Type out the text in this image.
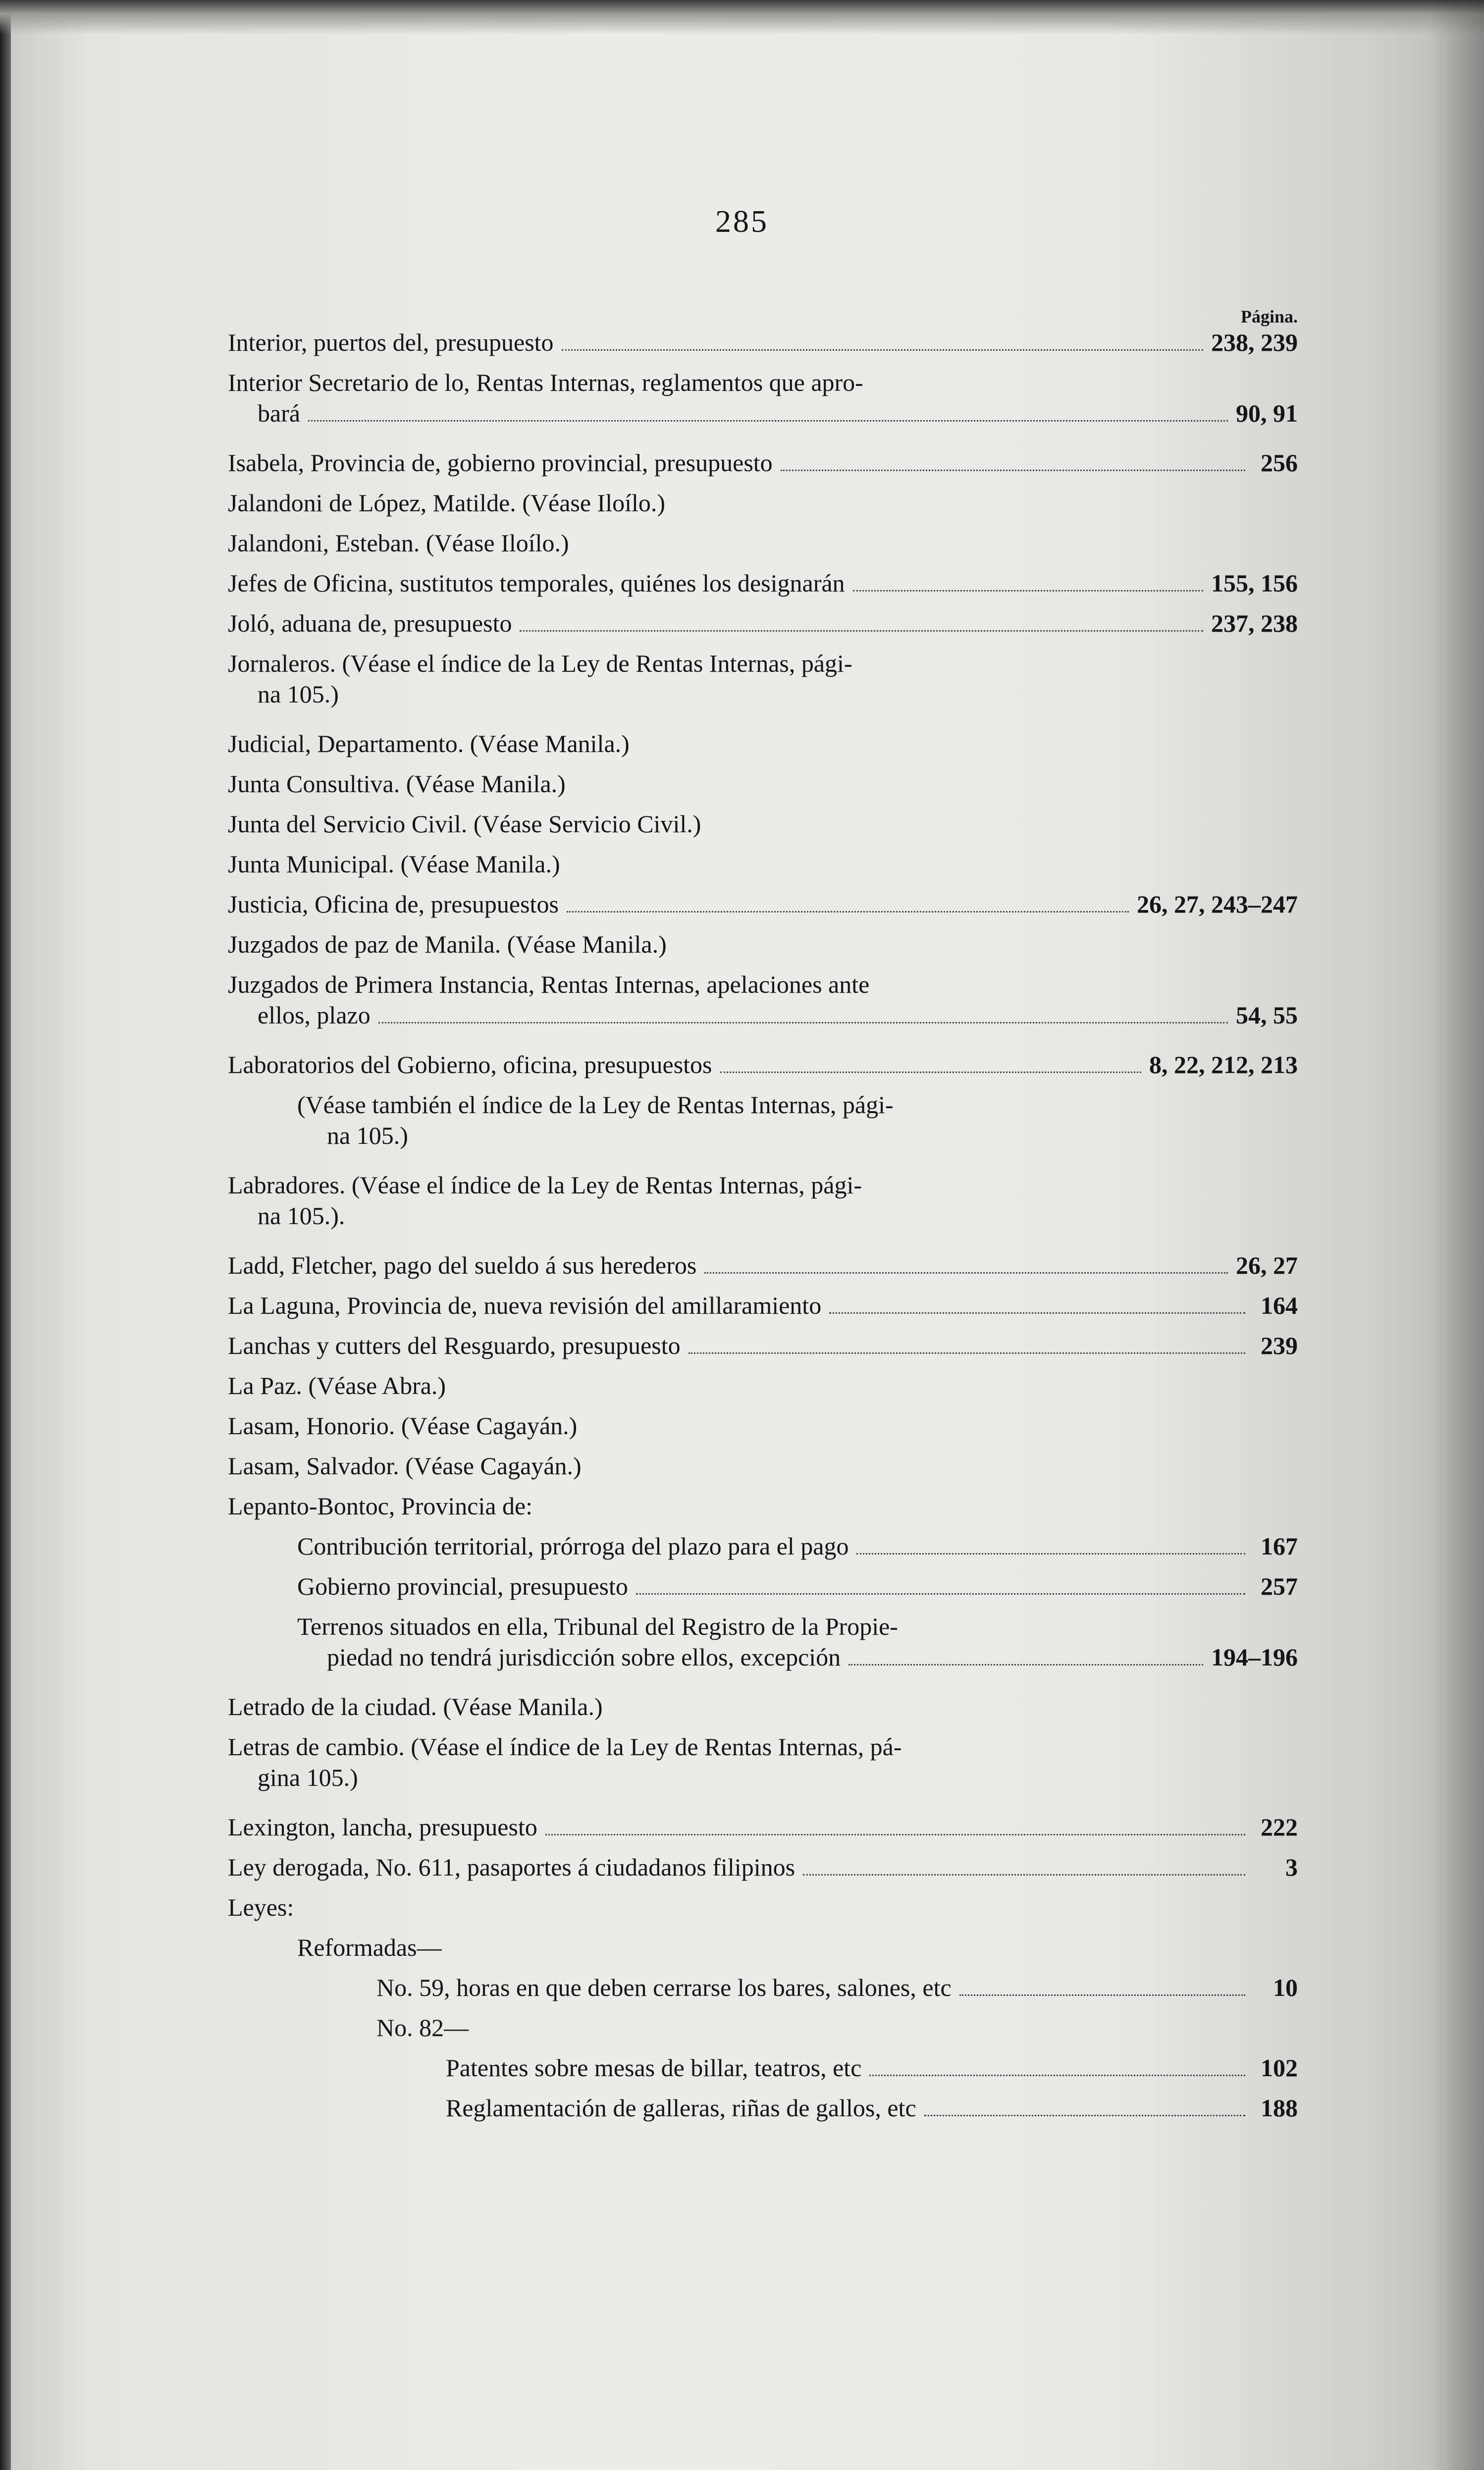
285
Página.
Interior, puertos del, presupuesto	238, 239
Interior Secretario de lo, Rentas Internas, reglamentos que apro-
bará	90, 91
Isabela, Provincia de, gobierno provincial, presupuesto	256
Jalandoni de López, Matilde. (Véase Iloílo.)
Jalandoni, Esteban. (Véase Iloílo.)
Jefes de Oficina, sustitutos temporales, quiénes los designarán	155, 156
Joló, aduana de, presupuesto	237, 238
Jornaleros. (Véase el índice de la Ley de Rentas Internas, pági-
na 105.)
Judicial, Departamento. (Véase Manila.)
Junta Consultiva. (Véase Manila.)
Junta del Servicio Civil. (Véase Servicio Civil.)
Junta Municipal. (Véase Manila.)
Justicia, Oficina de, presupuestos	26, 27, 243–247
Juzgados de paz de Manila. (Véase Manila.)
Juzgados de Primera Instancia, Rentas Internas, apelaciones ante
ellos, plazo	54, 55
Laboratorios del Gobierno, oficina, presupuestos	8, 22, 212, 213
(Véase también el índice de la Ley de Rentas Internas, pági-
na 105.)
Labradores. (Véase el índice de la Ley de Rentas Internas, pági-
na 105.).
Ladd, Fletcher, pago del sueldo á sus herederos	26, 27
La Laguna, Provincia de, nueva revisión del amillaramiento	164
Lanchas y cutters del Resguardo, presupuesto	239
La Paz. (Véase Abra.)
Lasam, Honorio. (Véase Cagayán.)
Lasam, Salvador. (Véase Cagayán.)
Lepanto-Bontoc, Provincia de:
Contribución territorial, prórroga del plazo para el pago	167
Gobierno provincial, presupuesto	257
Terrenos situados en ella, Tribunal del Registro de la Propie-
piedad no tendrá jurisdicción sobre ellos, excepción	194–196
Letrado de la ciudad. (Véase Manila.)
Letras de cambio. (Véase el índice de la Ley de Rentas Internas, pá-
gina 105.)
Lexington, lancha, presupuesto	222
Ley derogada, No. 611, pasaportes á ciudadanos filipinos	3
Leyes:
Reformadas—
No. 59, horas en que deben cerrarse los bares, salones, etc	10
No. 82—
Patentes sobre mesas de billar, teatros, etc	102
Reglamentación de galleras, riñas de gallos, etc	188
